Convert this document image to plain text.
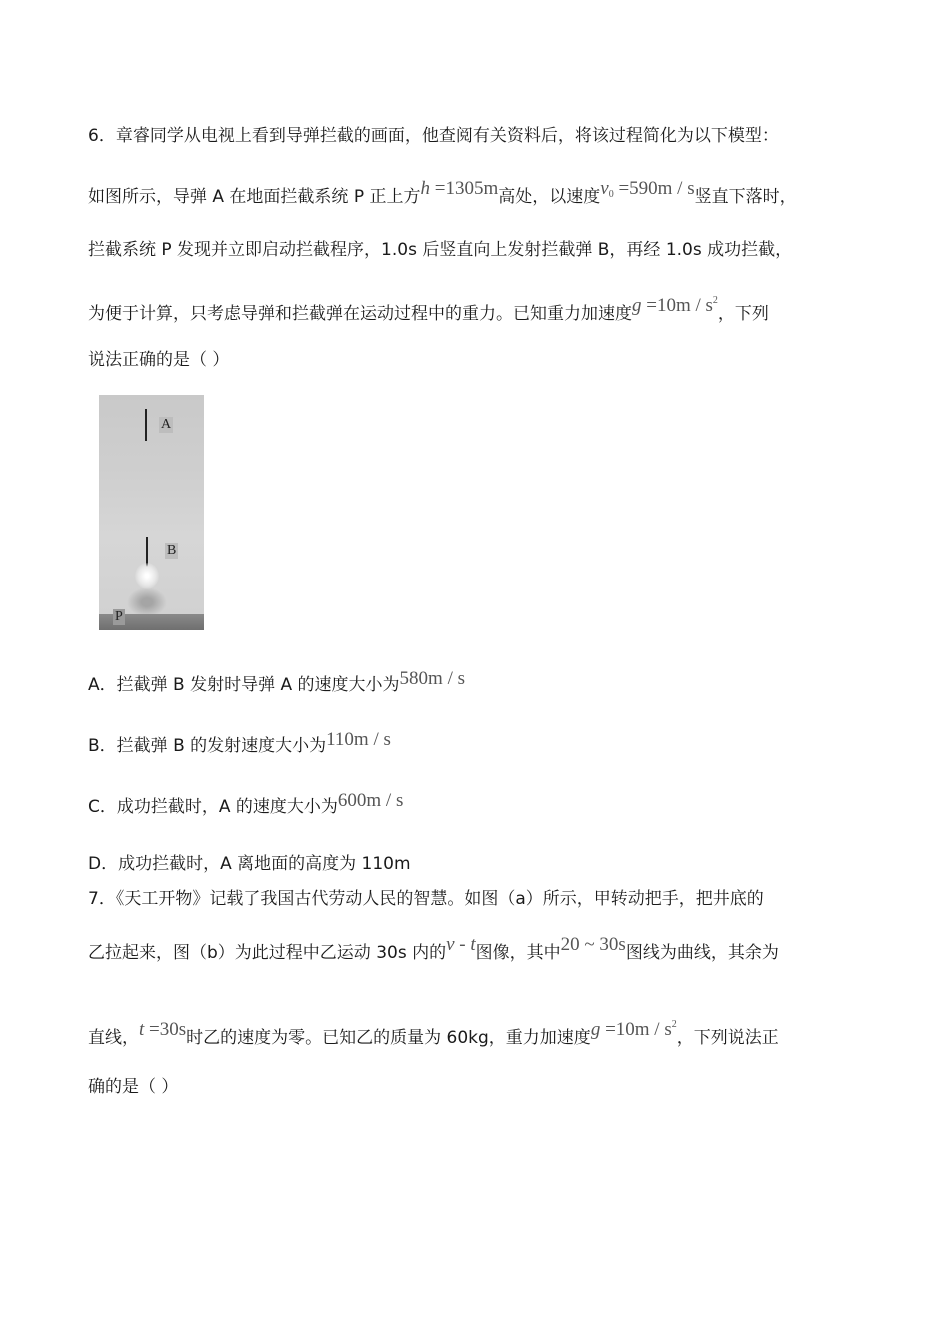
6．章睿同学从电视上看到导弹拦截的画面，他查阅有关资料后，将该过程简化为以下模型：
如图所示，导弹 A 在地面拦截系统 P 正上方h =1305m高处，以速度$v_0 =590m / s$竖直下落时，
拦截系统 P 发现并立即启动拦截程序，1.0s 后竖直向上发射拦截弹 B，再经 1.0s 成功拦截，
为便于计算，只考虑导弹和拦截弹在运动过程中的重力。已知重力加速度$g =10m / s^2$，下列
说法正确的是（ ）
A
B
P
A．拦截弹 B 发射时导弹 A 的速度大小为580m / s
B．拦截弹 B 的发射速度大小为110m / s
C．成功拦截时，A 的速度大小为600m / s
D．成功拦截时，A 离地面的高度为 110m
7．《天工开物》记载了我国古代劳动人民的智慧。如图（a）所示，甲转动把手，把井底的
乙拉起来，图（b）为此过程中乙运动 30s 内的v - t图像，其中20 ~ 30s图线为曲线，其余为
直线，t =30s时乙的速度为零。已知乙的质量为 60kg，重力加速度$g =10m / s^2$，下列说法正
确的是（ ）
